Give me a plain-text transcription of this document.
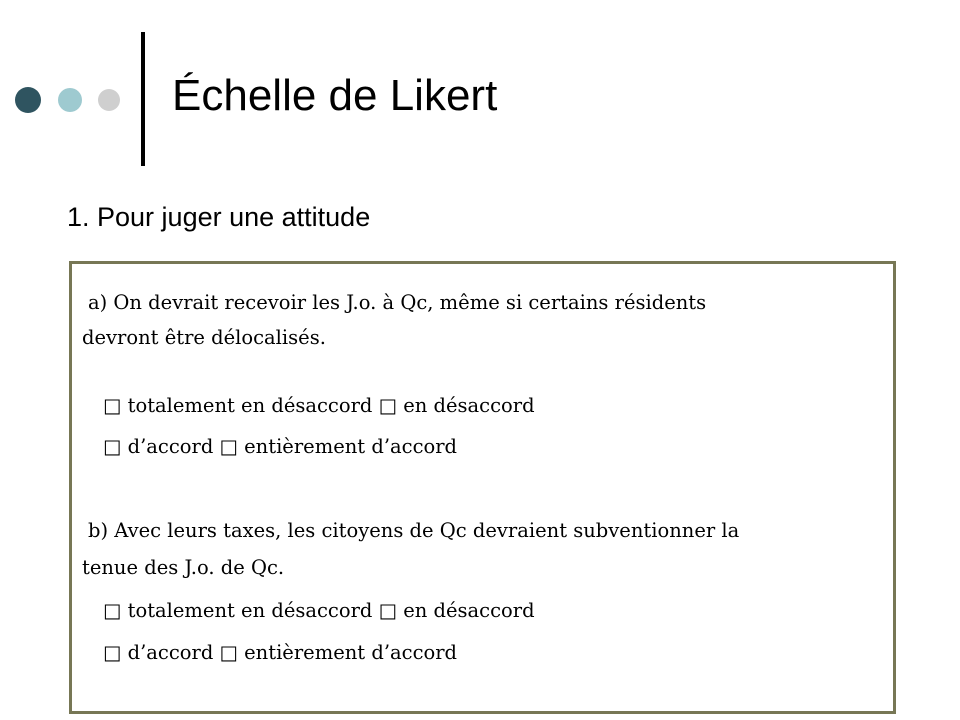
Échelle de Likert
1. Pour juger une attitude
a) On devrait recevoir les J.o. à Qc, même si certains résidents
devront être délocalisés.
□ totalement en désaccord □ en désaccord
□ d’accord □ entièrement d’accord
b) Avec leurs taxes, les citoyens de Qc devraient subventionner la
tenue des J.o. de Qc.
□ totalement en désaccord □ en désaccord
□ d’accord □ entièrement d’accord
